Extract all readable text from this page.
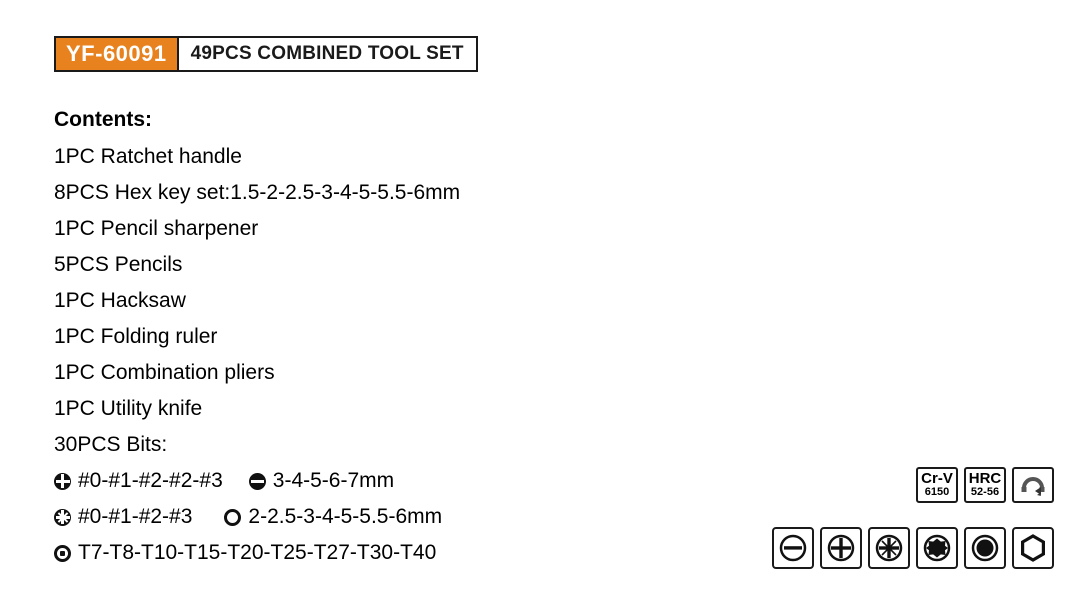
YF-60091	49PCS COMBINED TOOL SET
Contents:
1PC Ratchet handle
8PCS Hex key set:1.5-2-2.5-3-4-5-5.5-6mm
1PC Pencil sharpener
5PCS Pencils
1PC Hacksaw
1PC Folding ruler
1PC Combination pliers
1PC Utility knife
30PCS Bits:
#0-#1-#2-#2-#3 3-4-5-6-7mm
#0-#1-#2-#3	2-2.5-3-4-5-5.5-6mm
T7-T8-T10-T15-T20-T25-T27-T30-T40
Cr-V
6150
HRC
52-56
